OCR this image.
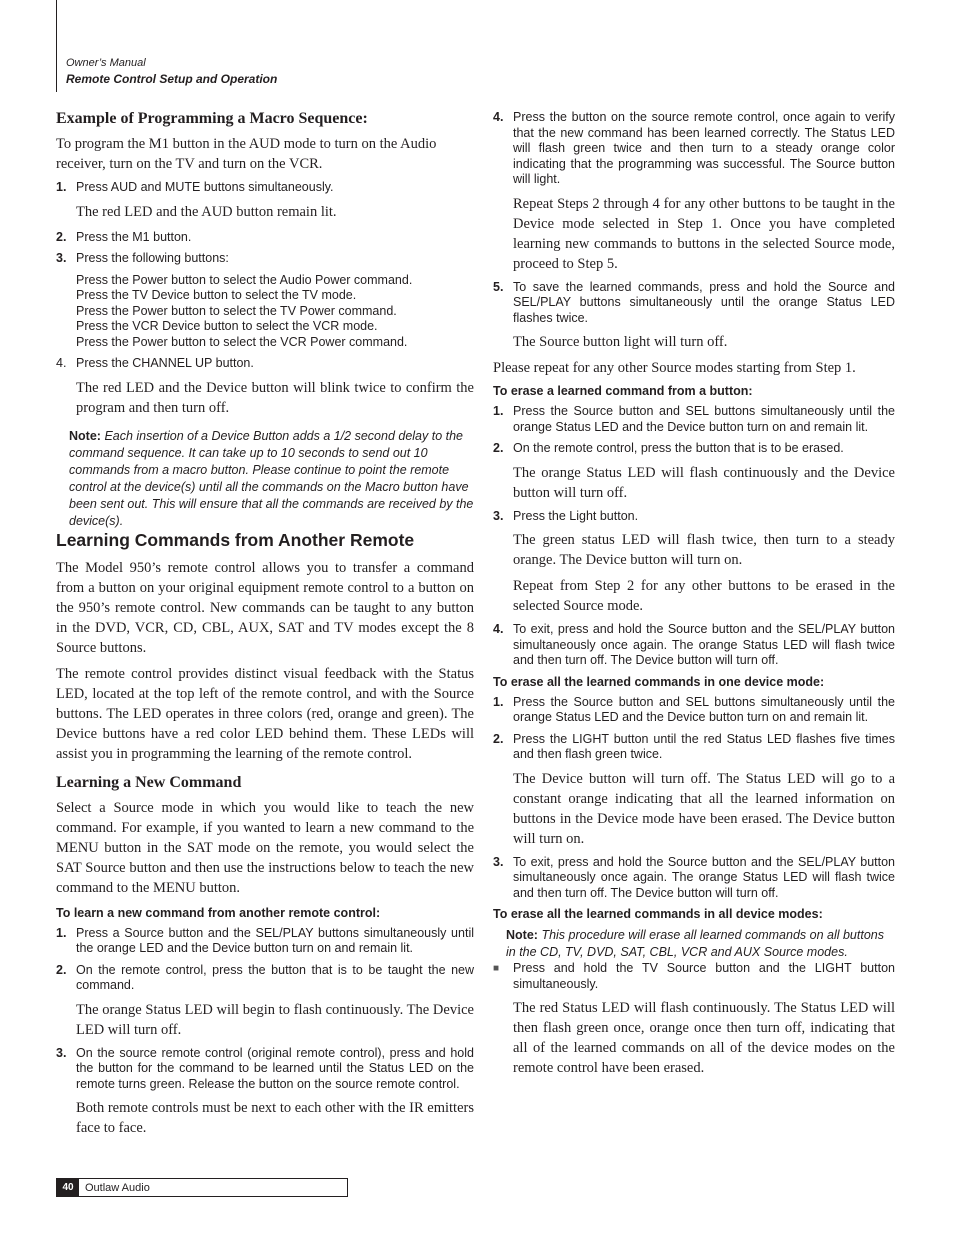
Owner’s Manual
Remote Control Setup and Operation
Example of Programming a Macro Sequence:

To program the M1 button in the AUD mode to turn on the Audio receiver, turn on the TV and turn on the VCR.

1. Press AUD and MUTE buttons simultaneously.

The red LED and the AUD button remain lit.

2. Press the M1 button.
3. Press the following buttons:

Press the Power button to select the Audio Power command.

Press the TV Device button to select the TV mode.

Press the Power button to select the TV Power command.

Press the VCR Device button to select the VCR mode.

Press the Power button to select the VCR Power command.

4. Press the CHANNEL UP button.

The red LED and the Device button will blink twice to confirm the program and then turn off.

Note: Each insertion of a Device Button adds a 1/2 second delay to the command sequence. It can take up to 10 seconds to send out 10 commands from a macro button. Please continue to point the remote control at the device(s) until all the commands on the Macro button have been sent out. This will ensure that all the commands are received by the device(s).

Learning Commands from Another Remote

The Model 950’s remote control allows you to transfer a command from a button on your original equipment remote control to a button on the 950’s remote control. New commands can be taught to any button in the DVD, VCR, CD, CBL, AUX, SAT and TV modes except the 8 Source buttons.

The remote control provides distinct visual feedback with the Status LED, located at the top left of the remote control, and with the Source buttons. The LED operates in three colors (red, orange and green). The Device buttons have a red color LED behind them. These LEDs will assist you in programming the learning of the remote control.

Learning a New Command

Select a Source mode in which you would like to teach the new command. For example, if you wanted to learn a new command to the MENU button in the SAT mode on the remote, you would select the SAT Source button and then use the instructions below to teach the new command to the MENU button.

To learn a new command from another remote control:
1. Press a Source button and the SEL/PLAY buttons simultaneously until the orange LED and the Device button turn on and remain lit.
2. On the remote control, press the button that is to be taught the new command.

The orange Status LED will begin to flash continuously. The Device LED will turn off.

3. On the source remote control (original remote control), press and hold the button for the command to be learned until the Status LED on the remote turns green. Release the button on the source remote control.

Both remote controls must be next to each other with the IR emitters face to face.

4. Press the button on the source remote control, once again to verify that the new command has been learned correctly. The Status LED will flash green twice and then turn to a steady orange color indicating that the programming was successful. The Source button will light.

Repeat Steps 2 through 4 for any other buttons to be taught in the Device mode selected in Step 1. Once you have completed learning new commands to buttons in the selected Source mode, proceed to Step 5.

5. To save the learned commands, press and hold the Source and SEL/PLAY buttons simultaneously until the orange Status LED flashes twice.

The Source button light will turn off.

Please repeat for any other Source modes starting from Step 1.

To erase a learned command from a button:
1. Press the Source button and SEL buttons simultaneously until the orange Status LED and the Device button turn on and remain lit.
2. On the remote control, press the button that is to be erased.

The orange Status LED will flash continuously and the Device button will turn off.

3. Press the Light button.

The green status LED will flash twice, then turn to a steady orange. The Device button will turn on.

Repeat from Step 2 for any other buttons to be erased in the selected Source mode.

4. To exit, press and hold the Source button and the SEL/PLAY button simultaneously once again. The orange Status LED will flash twice and then turn off. The Device button will turn off.
To erase all the learned commands in one device mode:
1. Press the Source button and SEL buttons simultaneously until the orange Status LED and the Device button turn on and remain lit.
2. Press the LIGHT button until the red Status LED flashes five times and then flash green twice.

The Device button will turn off. The Status LED will go to a constant orange indicating that all the learned information on buttons in the Device mode have been erased. The Device button will turn on.

3. To exit, press and hold the Source button and the SEL/PLAY button simultaneously once again. The orange Status LED will flash twice and then turn off. The Device button will turn off.
To erase all the learned commands in all device modes:

Note: This procedure will erase all learned commands on all buttons in the CD, TV, DVD, SAT, CBL, VCR and AUX Source modes.

■	Press and hold the TV Source button and the LIGHT button simultaneously.

The red Status LED will flash continuously. The Status LED will then flash green once, orange once then turn off, indicating that all of the learned commands on all of the device modes on the remote control have been erased.

40	Outlaw Audio
